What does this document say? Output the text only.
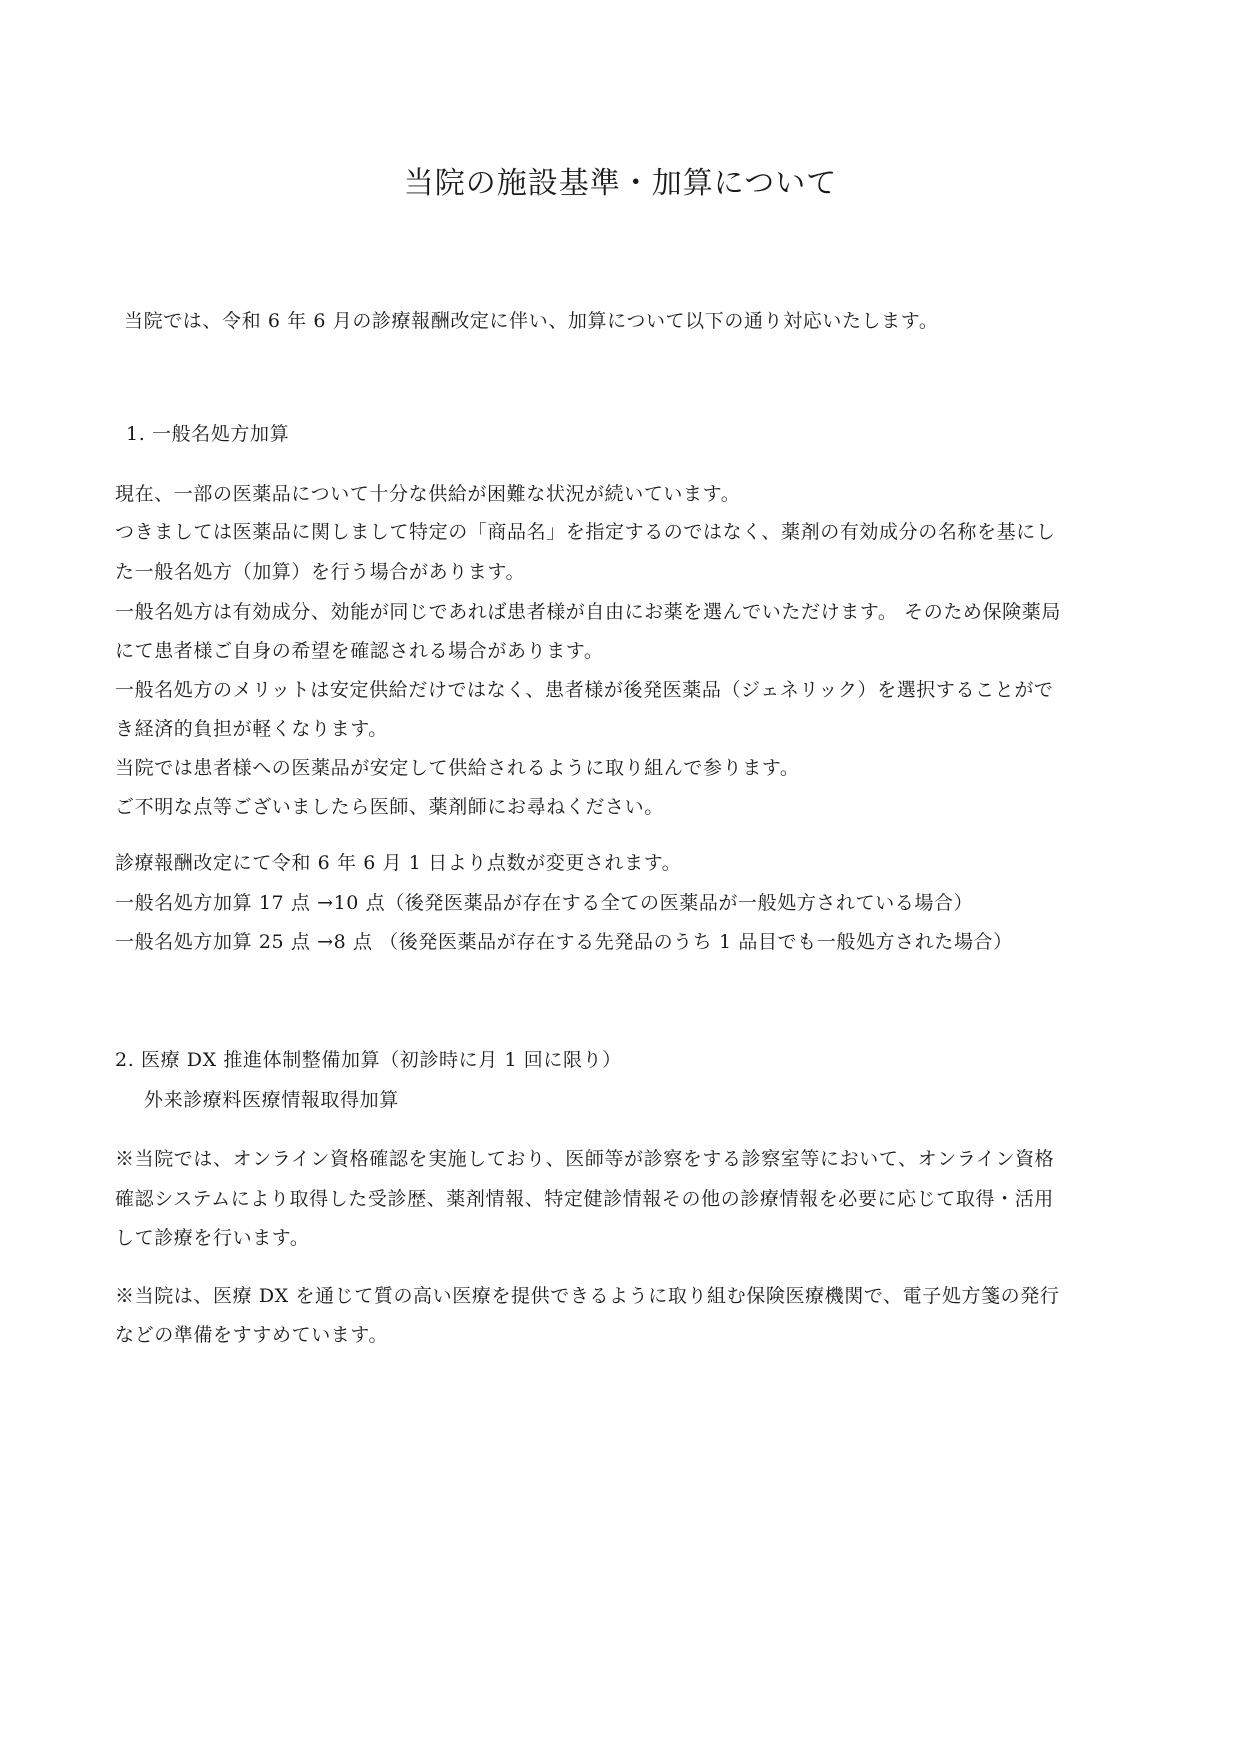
当院の施設基準・加算について
当院では、令和 6 年 6 月の診療報酬改定に伴い、加算について以下の通り対応いたします。
1. 一般名処方加算
現在、一部の医薬品について十分な供給が困難な状況が続いています。
つきましては医薬品に関しまして特定の「商品名」を指定するのではなく、薬剤の有効成分の名称を基にし
た一般名処方（加算）を行う場合があります。
一般名処方は有効成分、効能が同じであれば患者様が自由にお薬を選んでいただけます。 そのため保険薬局
にて患者様ご自身の希望を確認される場合があります。
一般名処方のメリットは安定供給だけではなく、患者様が後発医薬品（ジェネリック）を選択することがで
き経済的負担が軽くなります。
当院では患者様への医薬品が安定して供給されるように取り組んで参ります。
ご不明な点等ございましたら医師、薬剤師にお尋ねください。
診療報酬改定にて令和 6 年 6 月 1 日より点数が変更されます。
一般名処方加算 17 点 →10 点（後発医薬品が存在する全ての医薬品が一般処方されている場合）
一般名処方加算 25 点 →8 点 （後発医薬品が存在する先発品のうち 1 品目でも一般処方された場合）
2. 医療 DX 推進体制整備加算（初診時に月 1 回に限り）
外来診療料医療情報取得加算
※当院では、オンライン資格確認を実施しており、医師等が診察をする診察室等において、オンライン資格
確認システムにより取得した受診歴、薬剤情報、特定健診情報その他の診療情報を必要に応じて取得・活用
して診療を行います。
※当院は、医療 DX を通じて質の高い医療を提供できるように取り組む保険医療機関で、電子処方箋の発行
などの準備をすすめています。
